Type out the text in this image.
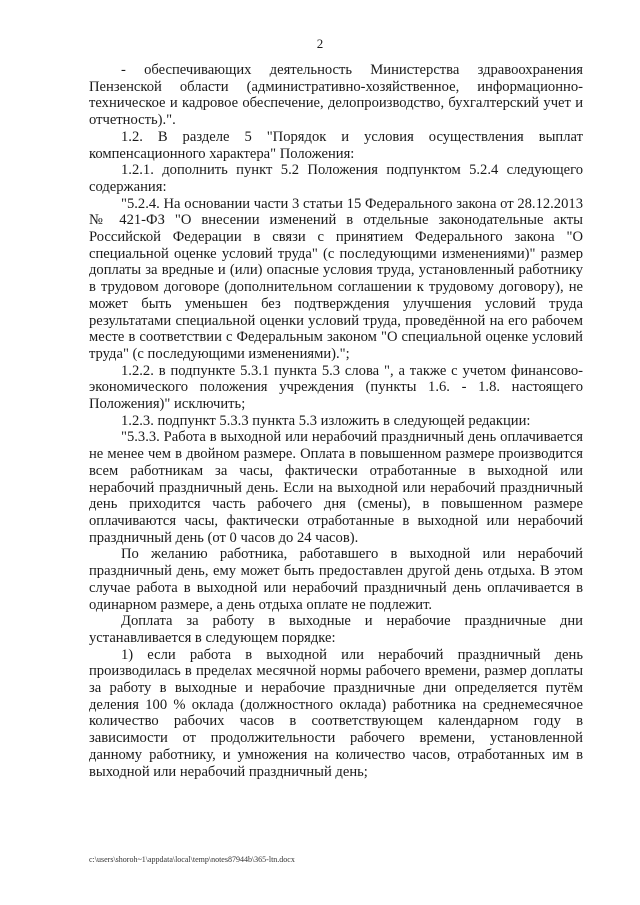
2

- обеспечивающих деятельность Министерства здравоохранения Пензенской области (административно-хозяйственное, информационно-техническое и кадровое обеспечение, делопроизводство, бухгалтерский учет и отчетность).".

1.2. В разделе 5 "Порядок и условия осуществления выплат компенсационного характера" Положения:

1.2.1. дополнить пункт 5.2 Положения подпунктом 5.2.4 следующего содержания:

"5.2.4. На основании части 3 статьи 15 Федерального закона от 28.12.2013 № 421-ФЗ "О внесении изменений в отдельные законодательные акты Российской Федерации в связи с принятием Федерального закона "О специальной оценке условий труда" (с последующими изменениями)" размер доплаты за вредные и (или) опасные условия труда, установленный работнику в трудовом договоре (дополнительном соглашении к трудовому договору), не может быть уменьшен без подтверждения улучшения условий труда результатами специальной оценки условий труда, проведённой на его рабочем месте в соответствии с Федеральным законом "О специальной оценке условий труда" (с последующими изменениями).";

1.2.2. в подпункте 5.3.1 пункта 5.3 слова ", а также с учетом финансово-экономического положения учреждения (пункты 1.6. - 1.8. настоящего Положения)" исключить;

1.2.3. подпункт 5.3.3 пункта 5.3 изложить в следующей редакции:

"5.3.3. Работа в выходной или нерабочий праздничный день оплачивается не менее чем в двойном размере. Оплата в повышенном размере производится всем работникам за часы, фактически отработанные в выходной или нерабочий праздничный день. Если на выходной или нерабочий праздничный день приходится часть рабочего дня (смены), в повышенном размере оплачиваются часы, фактически отработанные в выходной или нерабочий праздничный день (от 0 часов до 24 часов).

По желанию работника, работавшего в выходной или нерабочий праздничный день, ему может быть предоставлен другой день отдыха. В этом случае работа в выходной или нерабочий праздничный день оплачивается в одинарном размере, а день отдыха оплате не подлежит.

Доплата за работу в выходные и нерабочие праздничные дни устанавливается в следующем порядке:

1) если работа в выходной или нерабочий праздничный день производилась в пределах месячной нормы рабочего времени, размер доплаты за работу в выходные и нерабочие праздничные дни определяется путём деления 100 % оклада (должностного оклада) работника на среднемесячное количество рабочих часов в соответствующем календарном году в зависимости от продолжительности рабочего времени, установленной данному работнику, и умножения на количество часов, отработанных им в выходной или нерабочий праздничный день;

c:\users\shoroh~1\appdata\local\temp\notes87944b\365-ltn.docx
